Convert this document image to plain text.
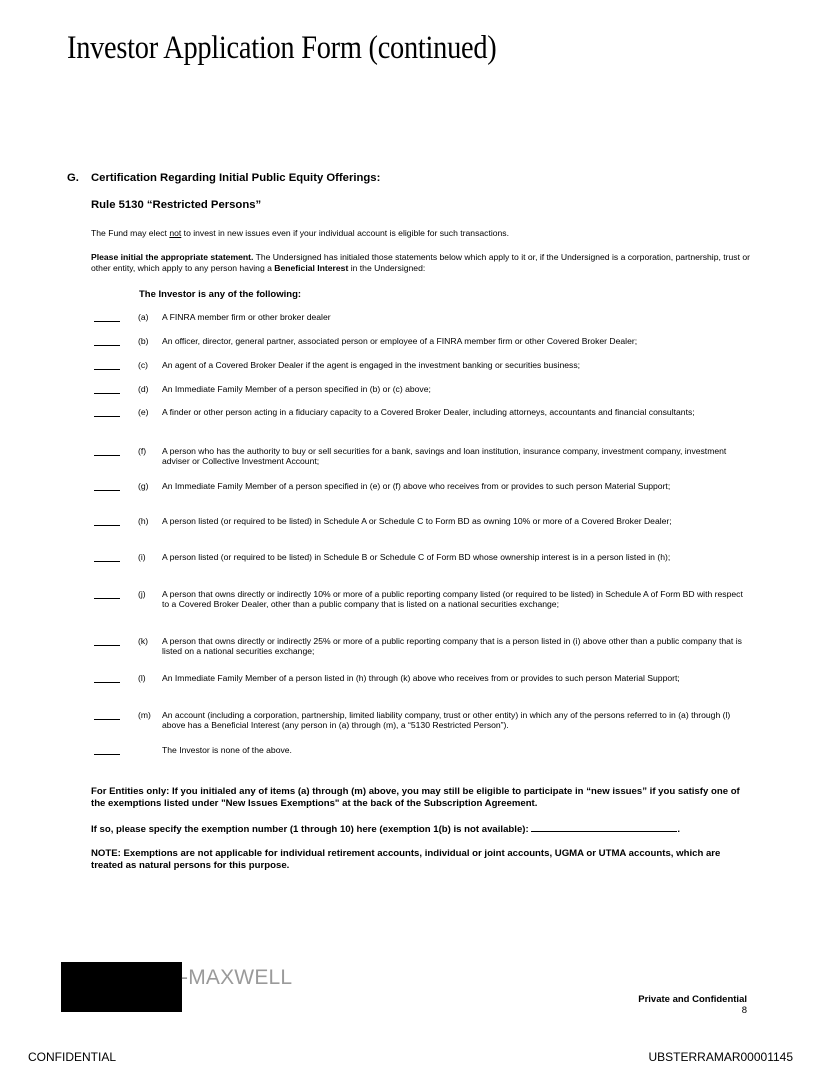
Investor Application Form (continued)
G. Certification Regarding Initial Public Equity Offerings:
Rule 5130 “Restricted Persons”
The Fund may elect not to invest in new issues even if your individual account is eligible for such transactions.
Please initial the appropriate statement. The Undersigned has initialed those statements below which apply to it or, if the Undersigned is a corporation, partnership, trust or other entity, which apply to any person having a Beneficial Interest in the Undersigned:
The Investor is any of the following:
(a) A FINRA member firm or other broker dealer
(b) An officer, director, general partner, associated person or employee of a FINRA member firm or other Covered Broker Dealer;
(c) An agent of a Covered Broker Dealer if the agent is engaged in the investment banking or securities business;
(d) An Immediate Family Member of a person specified in (b) or (c) above;
(e) A finder or other person acting in a fiduciary capacity to a Covered Broker Dealer, including attorneys, accountants and financial consultants;
(f) A person who has the authority to buy or sell securities for a bank, savings and loan institution, insurance company, investment company, investment adviser or Collective Investment Account;
(g) An Immediate Family Member of a person specified in (e) or (f) above who receives from or provides to such person Material Support;
(h) A person listed (or required to be listed) in Schedule A or Schedule C to Form BD as owning 10% or more of a Covered Broker Dealer;
(i) A person listed (or required to be listed) in Schedule B or Schedule C of Form BD whose ownership interest is in a person listed in (h);
(j) A person that owns directly or indirectly 10% or more of a public reporting company listed (or required to be listed) in Schedule A of Form BD with respect to a Covered Broker Dealer, other than a public company that is listed on a national securities exchange;
(k) A person that owns directly or indirectly 25% or more of a public reporting company that is a person listed in (i) above other than a public company that is listed on a national securities exchange;
(l) An Immediate Family Member of a person listed in (h) through (k) above who receives from or provides to such person Material Support;
(m) An account (including a corporation, partnership, limited liability company, trust or other entity) in which any of the persons referred to in (a) through (l) above has a Beneficial Interest (any person in (a) through (m), a “5130 Restricted Person”).
The Investor is none of the above.
For Entities only: If you initialed any of items (a) through (m) above, you may still be eligible to participate in “new issues” if you satisfy one of the exemptions listed under "New Issues Exemptions" at the back of the Subscription Agreement.
If so, please specify the exemption number (1 through 10) here (exemption 1(b) is not available):	.
NOTE: Exemptions are not applicable for individual retirement accounts, individual or joint accounts, UGMA or UTMA accounts, which are treated as natural persons for this purpose.
-MAXWELL
Private and Confidential
8
CONFIDENTIAL	UBSTERRAMAR00001145
